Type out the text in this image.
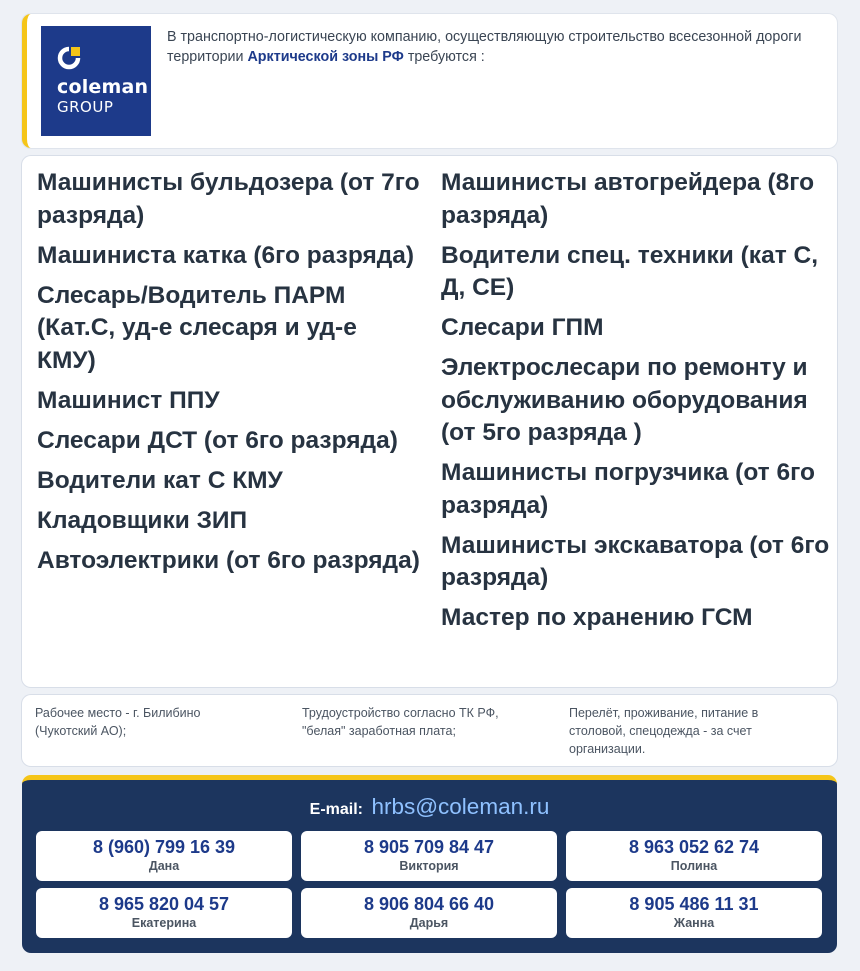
coleman
GROUP
В транспортно-логистическую компанию, осуществляющую строительство всесезонной дороги территории Арктической зоны РФ требуются :
Машинисты бульдозера (от 7го разряда)
Машиниста катка (6го разряда)
Слесарь/Водитель ПАРМ (Кат.С, уд-е слесаря и уд-е КМУ)
Машинист ППУ
Слесари ДСТ (от 6го разряда)
Водители кат С КМУ
Кладовщики ЗИП
Автоэлектрики (от 6го разряда)
Машинисты автогрейдера (8го разряда)
Водители спец. техники (кат С, Д, СЕ)
Слесари ГПМ
Электрослесари по ремонту и обслуживанию оборудования (от 5го разряда )
Машинисты погрузчика (от 6го разряда)
Машинисты экскаватора (от 6го разряда)
Мастер по хранению ГСМ
Рабочее место - г. Билибино (Чукотский АО);
Трудоустройство согласно ТК РФ, "белая" заработная плата;
Перелёт, проживание, питание в столовой, спецодежда - за счет организации.
E-mail: hrbs@coleman.ru
8 (960) 799 16 39
Дана
8 905 709 84 47
Виктория
8 963 052 62 74
Полина
8 965 820 04 57
Екатерина
8 906 804 66 40
Дарья
8 905 486 11 31
Жанна
